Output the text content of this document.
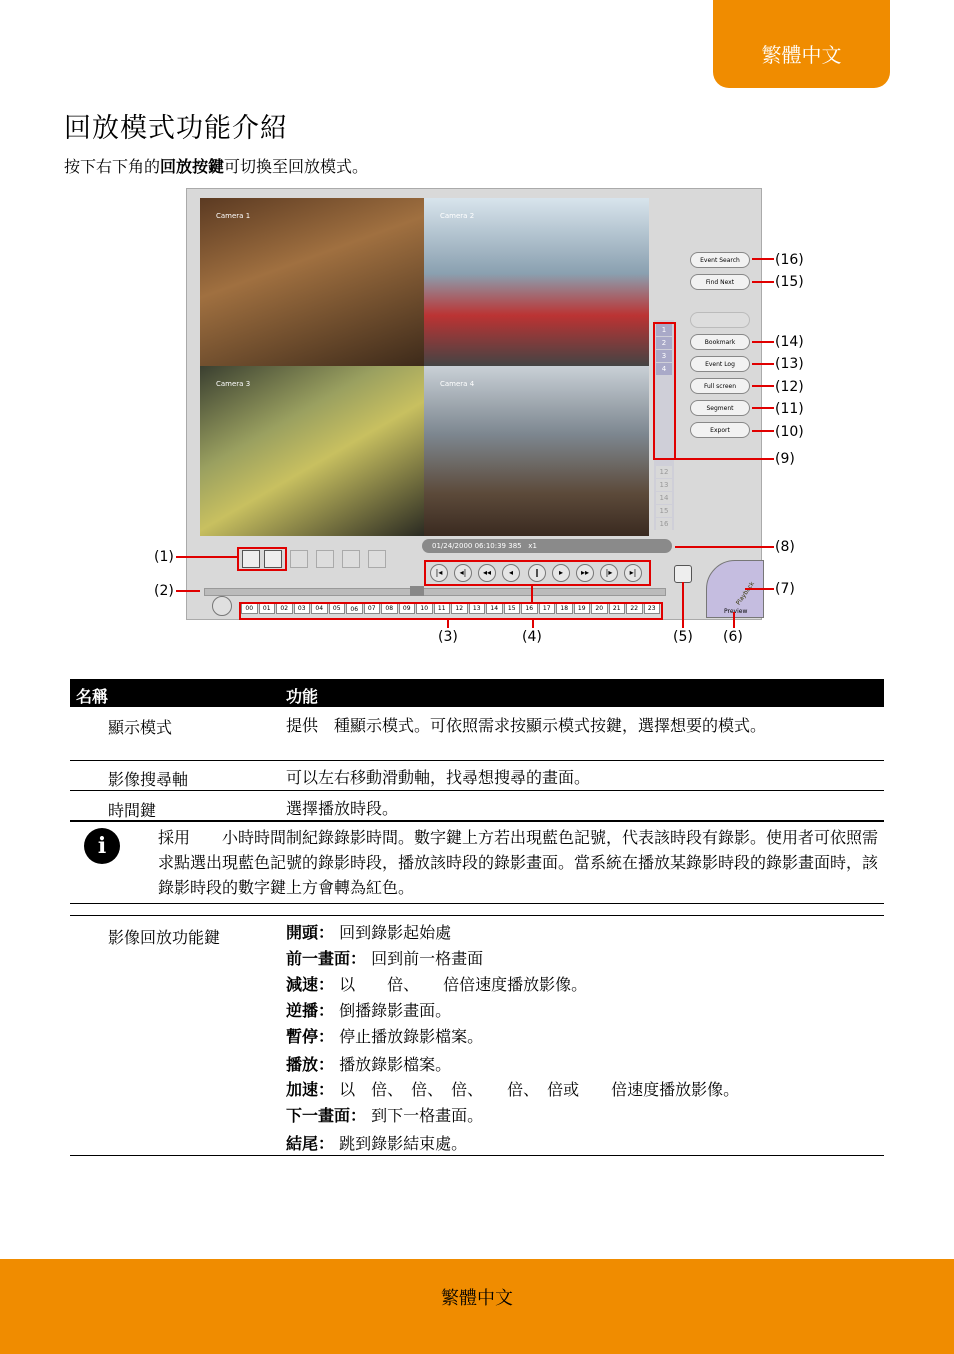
繁體中文
回放模式功能介紹
按下右下角的回放按鍵可切換至回放模式。
Camera 1	Camera 2
Camera 3	Camera 4
Event Search
Find Next
Bookmark
Event Log
Full screen
Segment
Export
1
2
3
4
12
13
14
15
16
01/24/2000 06:10:39 385 x1
|◂	◂|	◂◂	◂	‖	▸	▸▸	|▸	▸|
00	01	02	03	04	05	06	07	08	09	10	11	12	13	14	15	16	17	18	19	20	21	22	23
Playback
Preview
(1)
(2)
(3)	(4)	(5) (6)
(7)
(8)
(9)
(10)
(11)
(12)
(13)
(14)
(15)
(16)
名稱	功能
顯示模式	提供　種顯示模式。可依照需求按顯示模式按鍵，選擇想要的模式。
影像搜尋軸	可以左右移動滑動軸，找尋想搜尋的畫面。
時間鍵	選擇播放時段。
i	採用　　小時時間制紀錄錄影時間。數字鍵上方若出現藍色記號，代表該時段有錄影。使用者可依照需求點選出現藍色記號的錄影時段，播放該時段的錄影畫面。當系統在播放某錄影時段的錄影畫面時，該錄影時段的數字鍵上方會轉為紅色。
影像回放功能鍵	開頭： 回到錄影起始處
前一畫面： 回到前一格畫面
減速： 以　　倍、　　倍倍速度播放影像。
逆播： 倒播錄影畫面。
暫停： 停止播放錄影檔案。
播放： 播放錄影檔案。
加速： 以　倍、　倍、　倍、　　倍、　倍或　　倍速度播放影像。
下一畫面： 到下一格畫面。
結尾： 跳到錄影結束處。
繁體中文
